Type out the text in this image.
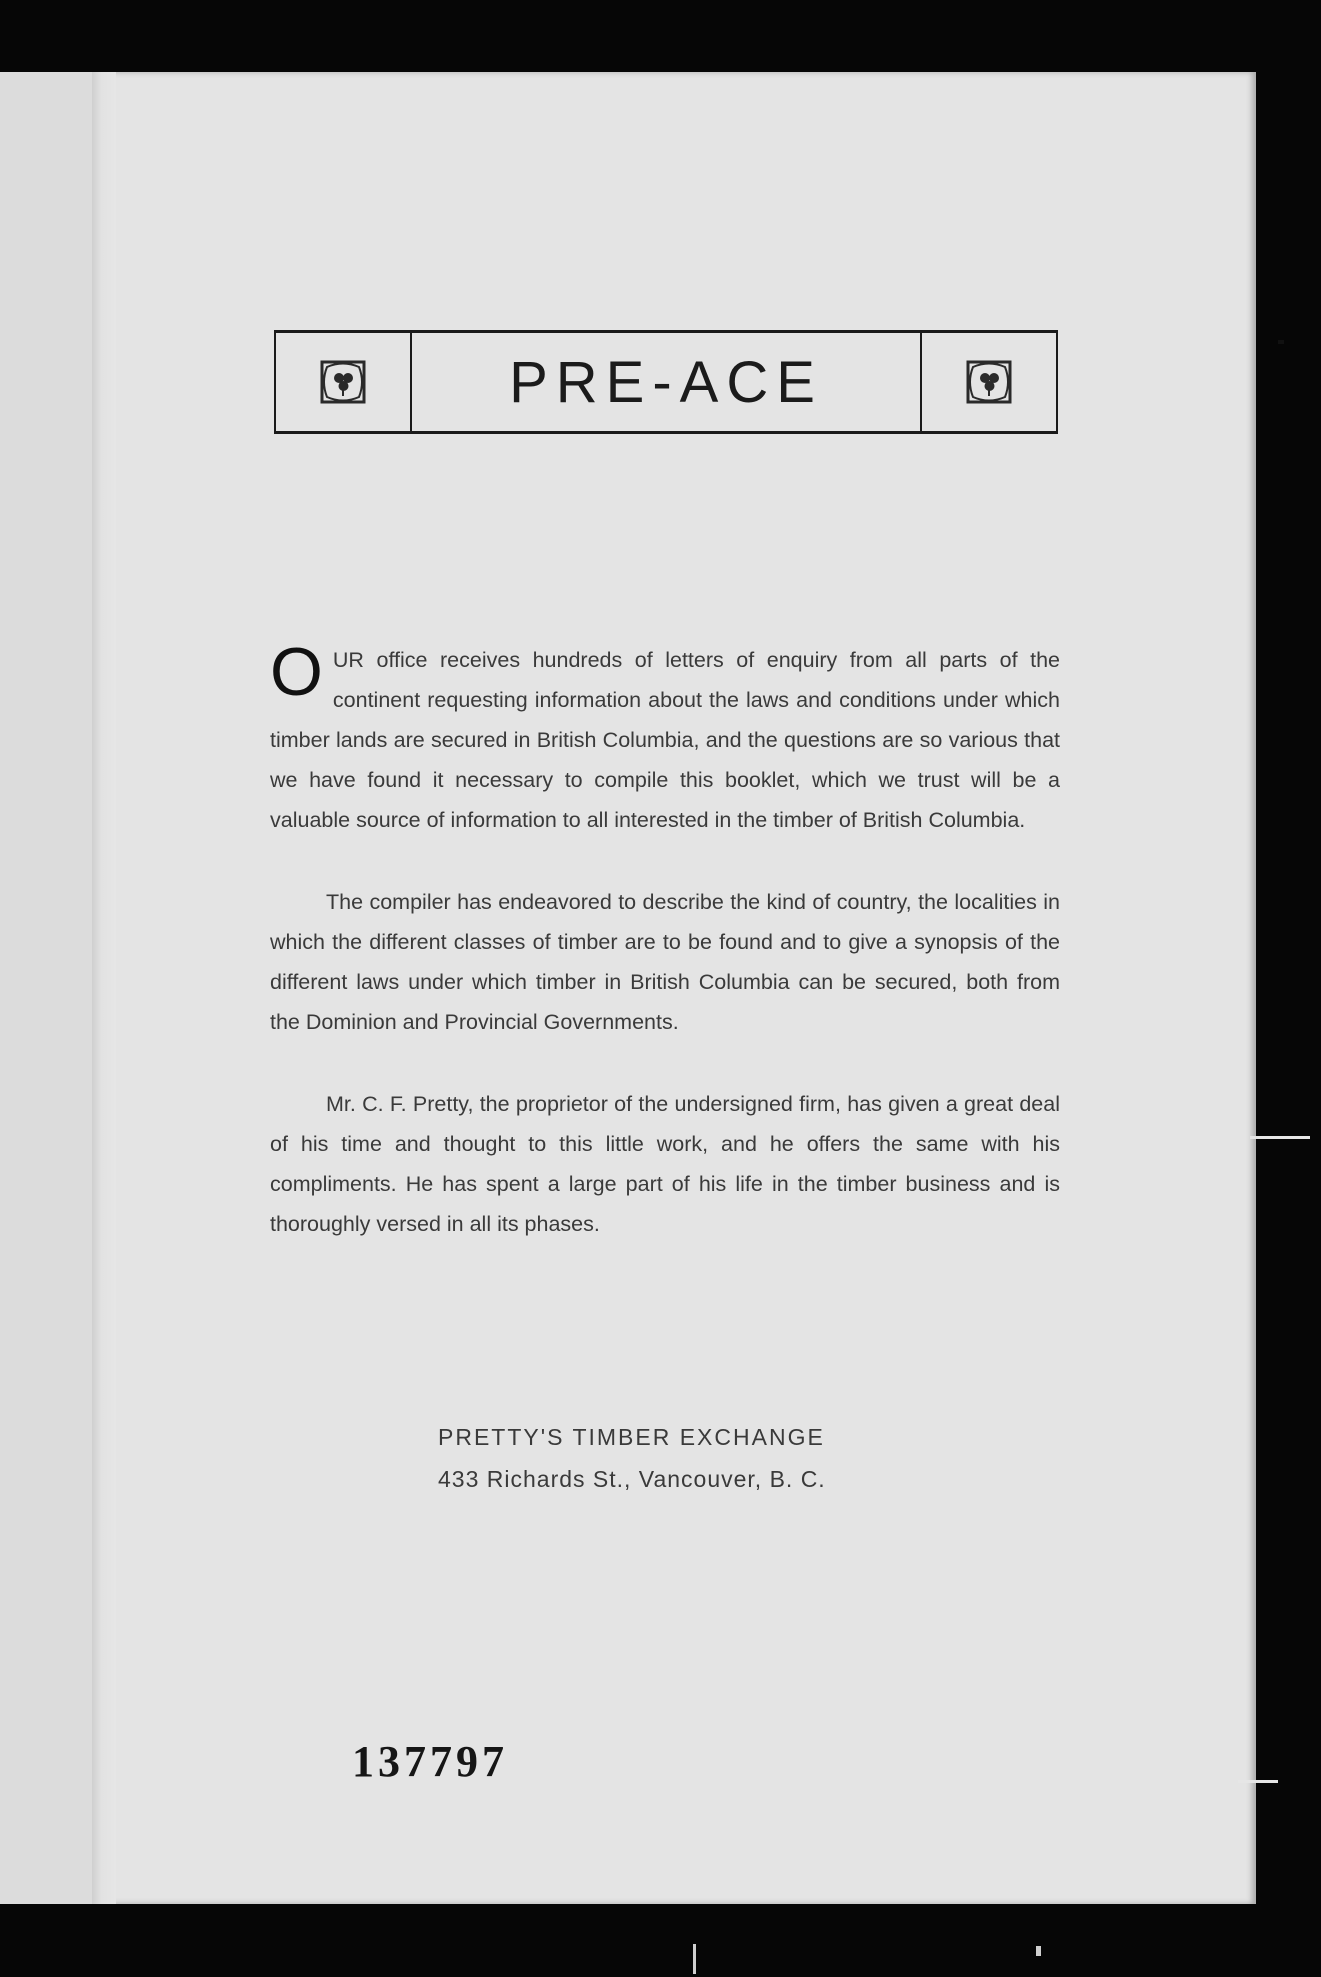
PRE-ACE

OUR office receives hundreds of letters of enquiry from all parts of the continent requesting information about the laws and conditions under which timber lands are secured in British Columbia, and the questions are so various that we have found it necessary to compile this booklet, which we trust will be a valuable source of information to all interested in the timber of British Columbia.

The compiler has endeavored to describe the kind of country, the localities in which the different classes of timber are to be found and to give a synopsis of the different laws under which timber in British Columbia can be secured, both from the Dominion and Provincial Governments.

Mr. C. F. Pretty, the proprietor of the undersigned firm, has given a great deal of his time and thought to this little work, and he offers the same with his compliments. He has spent a large part of his life in the timber business and is thoroughly versed in all its phases.

PRETTY'S TIMBER EXCHANGE
433 Richards St., Vancouver, B. C.
137797
